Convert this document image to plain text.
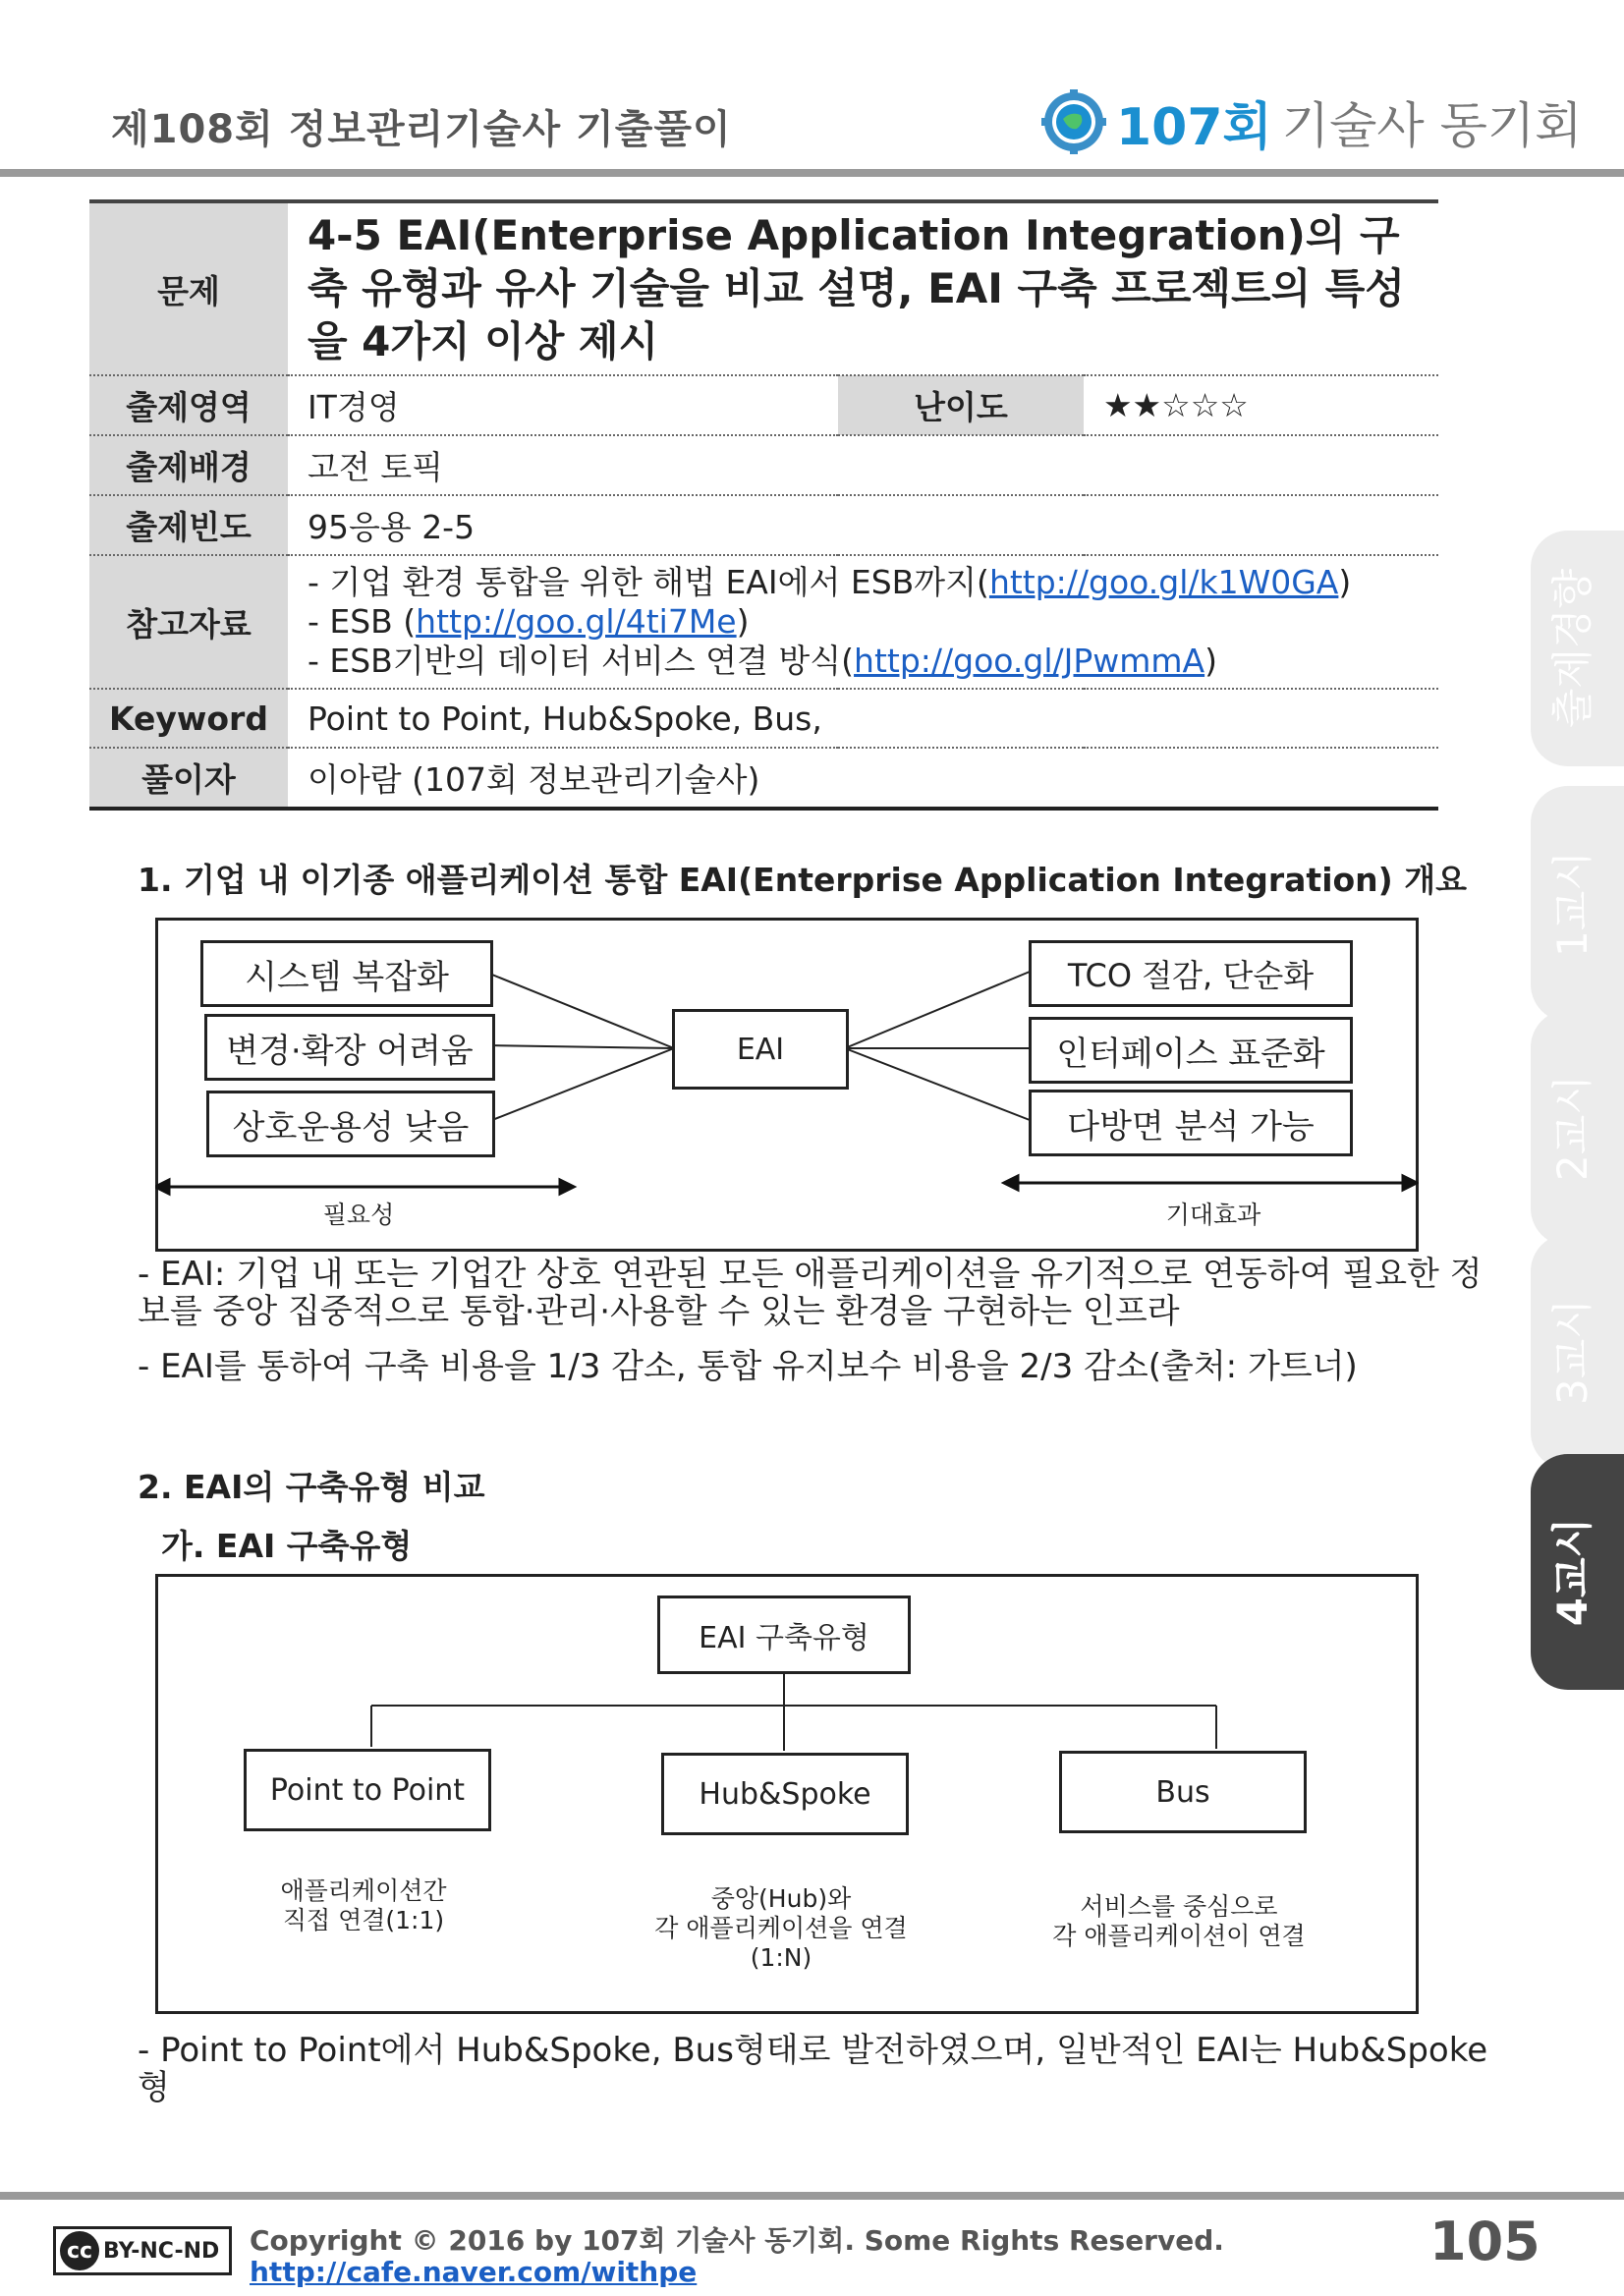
제108회 정보관리기술사 기출풀이	107회 기술사 동기회
문제	4-5 EAI(Enterprise Application Integration)의 구축 유형과 유사 기술을 비교 설명, EAI 구축 프로젝트의 특성을 4가지 이상 제시		
출제영역	IT경영	난이도	★★☆☆☆
출제배경	고전 토픽		
출제빈도	95응용 2-5		
참고자료	- 기업 환경 통합을 위한 해법 EAI에서 ESB까지(http://goo.gl/k1W0GA)
- ESB (http://goo.gl/4ti7Me)
- ESB기반의 데이터 서비스 연결 방식(http://goo.gl/JPwmmA)		

Keyword	Point to Point, Hub&Spoke, Bus,		
풀이자	이아람 (107회 정보관리기술사)		
출제경향
1교시
2교시
3교시
4교시
1. 기업 내 이기종 애플리케이션 통합 EAI(Enterprise Application Integration) 개요
시스템 복잡화
변경·확장 어려움
상호운용성 낮음
EAI
TCO 절감, 단순화
인터페이스 표준화
다방면 분석 가능
필요성	기대효과
- EAI: 기업 내 또는 기업간 상호 연관된 모든 애플리케이션을 유기적으로 연동하여 필요한 정보를 중앙 집중적으로 통합·관리·사용할 수 있는 환경을 구현하는 인프라
- EAI를 통하여 구축 비용을 1/3 감소, 통합 유지보수 비용을 2/3 감소(출처: 가트너)
2. EAI의 구축유형 비교
가. EAI 구축유형
EAI 구축유형
Point to Point	Hub&Spoke	Bus
애플리케이션간
직접 연결(1:1)
중앙(Hub)와
각 애플리케이션을 연결
(1:N)
서비스를 중심으로
각 애플리케이션이 연결
- Point to Point에서 Hub&Spoke, Bus형태로 발전하였으며, 일반적인 EAI는 Hub&Spoke형
cc BY-NC-ND Copyright © 2016 by 107회 기술사 동기회. Some Rights Reserved.
http://cafe.naver.com/withpe	105
